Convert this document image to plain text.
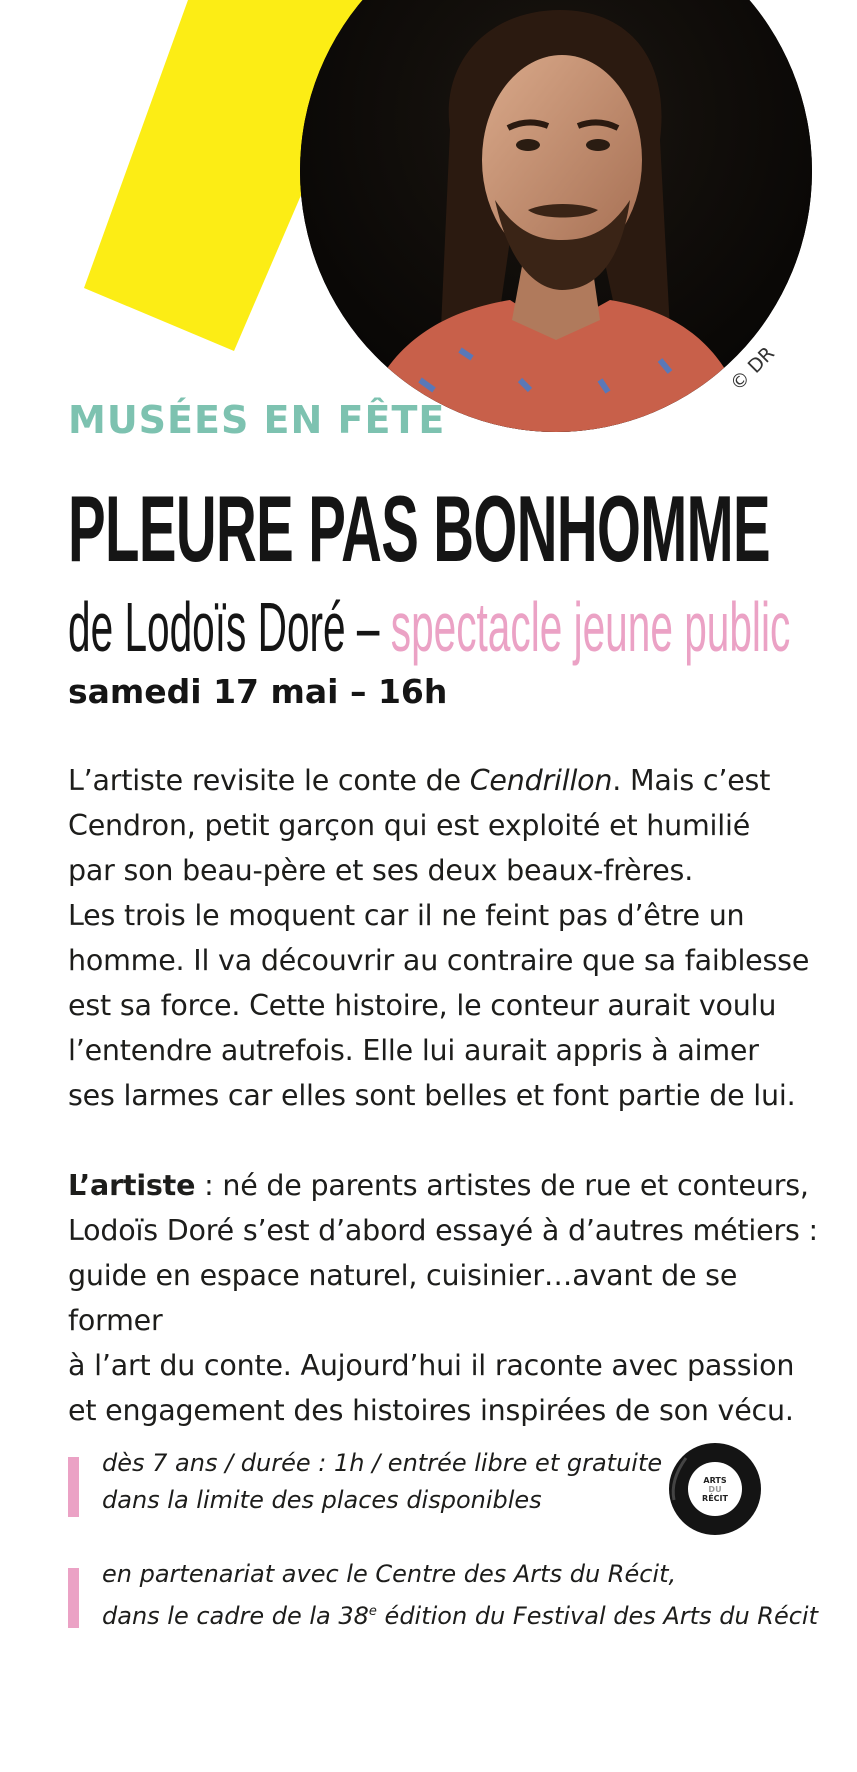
© DR
MUSÉES EN FÊTE
PLEURE PAS BONHOMME
de Lodoïs Doré – spectacle jeune public
samedi 17 mai – 16h

L’artiste revisite le conte de Cendrillon. Mais c’est

Cendron, petit garçon qui est exploité et humilié

par son beau-père et ses deux beaux-frères.

Les trois le moquent car il ne feint pas d’être un

homme. Il va découvrir au contraire que sa faiblesse

est sa force. Cette histoire, le conteur aurait voulu

l’entendre autrefois. Elle lui aurait appris à aimer

ses larmes car elles sont belles et font partie de lui.

L’artiste : né de parents artistes de rue et conteurs,

Lodoïs Doré s’est d’abord essayé à d’autres métiers :

guide en espace naturel, cuisinier…avant de se former

à l’art du conte. Aujourd’hui il raconte avec passion

et engagement des histoires inspirées de son vécu.

dès 7 ans / durée : 1h / entrée libre et gratuite

dans la limite des places disponibles

ARTS
DU
RÉCIT

en partenariat avec le Centre des Arts du Récit,

dans le cadre de la 38e édition du Festival des Arts du Récit
